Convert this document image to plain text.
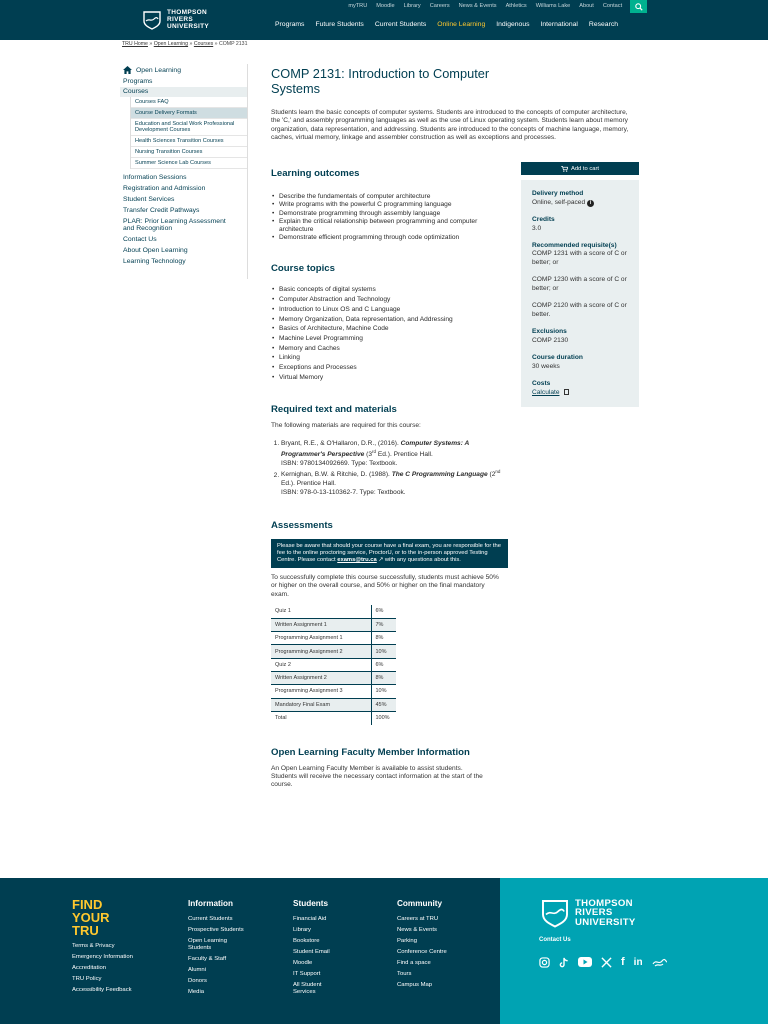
THOMPSON
RIVERS
UNIVERSITY
myTRU Moodle Library Careers News & Events Athletics Williams Lake About Contact
Programs Future Students Current Students Online Learning Indigenous International Research
TRU Home » Open Learning » Courses » COMP 2131
Open Learning
Programs
Courses
Courses FAQ
Course Delivery Formats
Education and Social Work Professional Development Courses
Health Sciences Transition Courses
Nursing Transition Courses
Summer Science Lab Courses
Information Sessions
Registration and Admission
Student Services
Transfer Credit Pathways
PLAR: Prior Learning Assessment and Recognition
Contact Us
About Open Learning
Learning Technology
COMP 2131: Introduction to Computer Systems

Students learn the basic concepts of computer systems. Students are introduced to the concepts of computer architecture, the 'C,' and assembly programming languages as well as the use of Linux operating system. Students learn about memory organization, data representation, and addressing. Students are introduced to the concepts of machine language, memory, caches, virtual memory, linkage and assembler construction as well as exceptions and processes.

Learning outcomes
• Describe the fundamentals of computer architecture
• Write programs with the powerful C programming language
• Demonstrate programming through assembly language
• Explain the critical relationship between programming and computer architecture
• Demonstrate efficient programming through code optimization
Course topics
• Basic concepts of digital systems
• Computer Abstraction and Technology
• Introduction to Linux OS and C Language
• Memory Organization, Data representation, and Addressing
• Basics of Architecture, Machine Code
• Machine Level Programming
• Memory and Caches
• Linking
• Exceptions and Processes
• Virtual Memory
Required text and materials

The following materials are required for this course:

1. Bryant, R.E., & O'Hallaron, D.R., (2016). Computer Systems: A Programmer's Perspective (3rd Ed.). Prentice Hall.
ISBN: 9780134092669. Type: Textbook.
2. Kernighan, B.W. & Ritchie, D. (1988). The C Programming Language (2nd Ed.). Prentice Hall.
ISBN: 978-0-13-110362-7. Type: Textbook.
Assessments
Please be aware that should your course have a final exam, you are responsible for the fee to the online proctoring service, ProctorU, or to the in-person approved Testing Centre. Please contact exams@tru.ca ↗ with any questions about this.

To successfully complete this course successfully, students must achieve 50% or higher on the overall course, and 50% or higher on the final mandatory exam.

Quiz 1	6%
Written Assignment 1	7%
Programming Assignment 1	8%
Programming Assignment 2	10%
Quiz 2	6%
Written Assignment 2	8%
Programming Assignment 3	10%
Mandatory Final Exam	45%
Total	100%
Open Learning Faculty Member Information

An Open Learning Faculty Member is available to assist students. Students will receive the necessary contact information at the start of the course.

Add to cart
Delivery method
Online, self-paced i
Credits
3.0
Recommended requisite(s)
COMP 1231 with a score of C or better; or
COMP 1230 with a score of C or better; or
COMP 2120 with a score of C or better.
Exclusions
COMP 2130
Course duration
30 weeks
Costs
Calculate
FIND
YOUR
TRU
Terms & Privacy
Emergency Information
Accreditation
TRU Policy
Accessibility Feedback
Information
Current Students
Prospective Students
Open Learning Students
Faculty & Staff
Alumni
Donors
Media
Students
Financial Aid
Library
Bookstore
Student Email
Moodle
IT Support
All Student Services
Community
Careers at TRU
News & Events
Parking
Conference Centre
Find a space
Tours
Campus Map
THOMPSON
RIVERS
UNIVERSITY
Contact Us
f in
